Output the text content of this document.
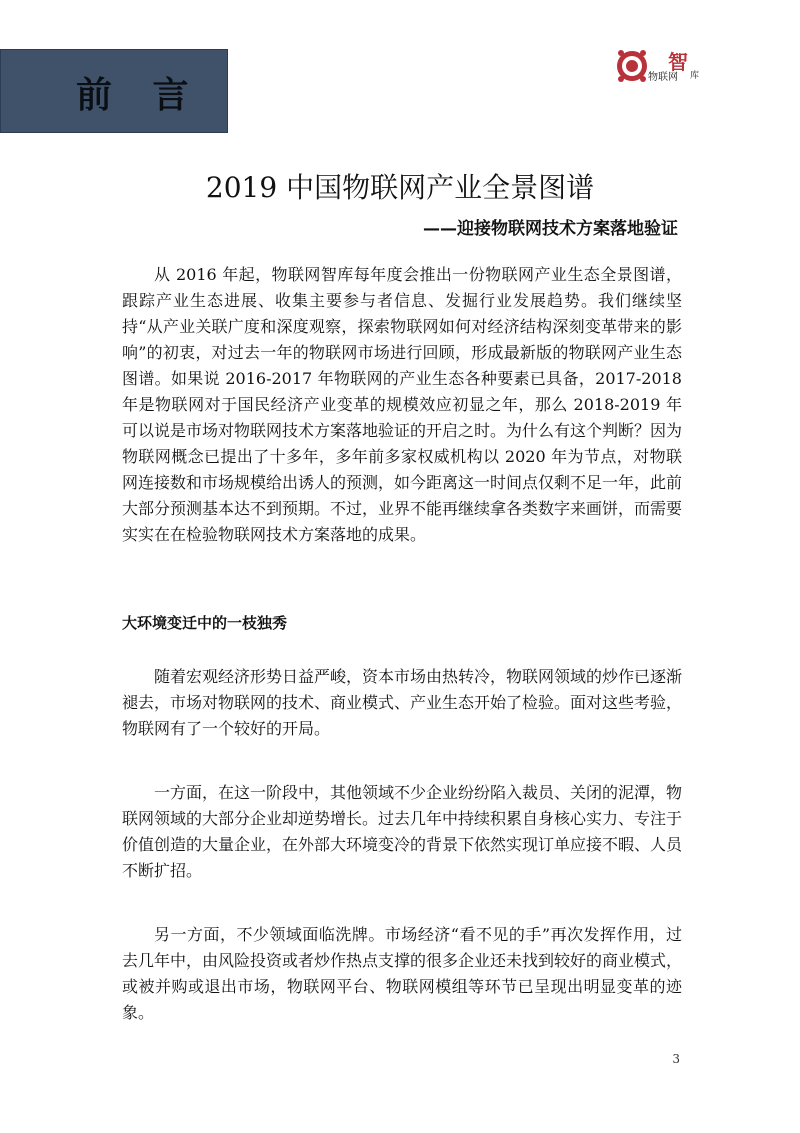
前 言	物联网
智
库
2019 中国物联网产业全景图谱
——迎接物联网技术方案落地验证

从 2016 年起，物联网智库每年度会推出一份物联网产业生态全景图谱，跟踪产业生态进展、收集主要参与者信息、发掘行业发展趋势。我们继续坚持“从产业关联广度和深度观察，探索物联网如何对经济结构深刻变革带来的影响”的初衷，对过去一年的物联网市场进行回顾，形成最新版的物联网产业生态图谱。如果说 2016-2017 年物联网的产业生态各种要素已具备，2017-2018 年是物联网对于国民经济产业变革的规模效应初显之年，那么 2018-2019 年可以说是市场对物联网技术方案落地验证的开启之时。为什么有这个判断？因为物联网概念已提出了十多年，多年前多家权威机构以 2020 年为节点，对物联网连接数和市场规模给出诱人的预测，如今距离这一时间点仅剩不足一年，此前大部分预测基本达不到预期。不过，业界不能再继续拿各类数字来画饼，而需要实实在在检验物联网技术方案落地的成果。

大环境变迁中的一枝独秀

随着宏观经济形势日益严峻，资本市场由热转冷，物联网领域的炒作已逐渐褪去，市场对物联网的技术、商业模式、产业生态开始了检验。面对这些考验，物联网有了一个较好的开局。

一方面，在这一阶段中，其他领域不少企业纷纷陷入裁员、关闭的泥潭，物联网领域的大部分企业却逆势增长。过去几年中持续积累自身核心实力、专注于价值创造的大量企业，在外部大环境变冷的背景下依然实现订单应接不暇、人员不断扩招。

另一方面，不少领域面临洗牌。市场经济“看不见的手”再次发挥作用，过去几年中，由风险投资或者炒作热点支撑的很多企业还未找到较好的商业模式，或被并购或退出市场，物联网平台、物联网模组等环节已呈现出明显变革的迹象。

3
